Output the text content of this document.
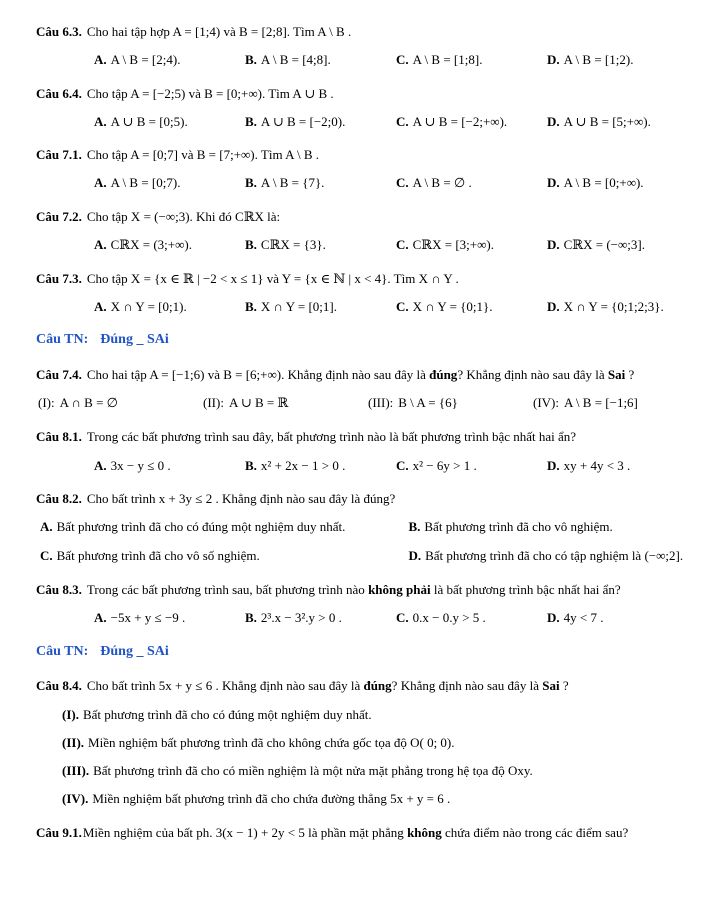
Câu 6.3. Cho hai tập hợp A = [1;4) và B = [2;8]. Tìm A \ B .

A. A \ B = [2;4).	B. A \ B = [4;8].	C. A \ B = [1;8].	D. A \ B = [1;2).

Câu 6.4. Cho tập A = [−2;5) và B = [0;+∞). Tìm A ∪ B .

A. A ∪ B = [0;5).	B. A ∪ B = [−2;0).	C. A ∪ B = [−2;+∞).	D. A ∪ B = [5;+∞).

Câu 7.1. Cho tập A = [0;7] và B = [7;+∞). Tìm A \ B .

A. A \ B = [0;7).	B. A \ B = {7}.	C. A \ B = ∅ .	D. A \ B = [0;+∞).

Câu 7.2. Cho tập X = (−∞;3). Khi đó CℝX là:

A. CℝX = (3;+∞).	B. CℝX = {3}.	C. CℝX = [3;+∞).	D. CℝX = (−∞;3].

Câu 7.3. Cho tập X = {x ∈ ℝ | −2 < x ≤ 1} và Y = {x ∈ ℕ | x < 4}. Tìm X ∩ Y .

A. X ∩ Y = [0;1).	B. X ∩ Y = [0;1].	C. X ∩ Y = {0;1}.	D. X ∩ Y = {0;1;2;3}.

Câu TN: Đúng _ SAi

Câu 7.4. Cho hai tập A = [−1;6) và B = [6;+∞). Khẳng định nào sau đây là đúng? Khẳng định nào sau đây là Sai ?

(I): A ∩ B = ∅	(II): A ∪ B = ℝ	(III): B \ A = {6}	(IV): A \ B = [−1;6]

Câu 8.1. Trong các bất phương trình sau đây, bất phương trình nào là bất phương trình bậc nhất hai ẩn?

A. 3x − y ≤ 0 .	B. x² + 2x − 1 > 0 .	C. x² − 6y > 1 .	D. xy + 4y < 3 .

Câu 8.2. Cho bất trình x + 3y ≤ 2 . Khẳng định nào sau đây là đúng?

A. Bất phương trình đã cho có đúng một nghiệm duy nhất.	B. Bất phương trình đã cho vô nghiệm.
C. Bất phương trình đã cho vô số nghiệm.	D. Bất phương trình đã cho có tập nghiệm là (−∞;2].

Câu 8.3. Trong các bất phương trình sau, bất phương trình nào không phải là bất phương trình bậc nhất hai ẩn?

A. −5x + y ≤ −9 .	B. 2³.x − 3².y > 0 .	C. 0.x − 0.y > 5 .	D. 4y < 7 .

Câu TN: Đúng _ SAi

Câu 8.4. Cho bất trình 5x + y ≤ 6 . Khẳng định nào sau đây là đúng? Khẳng định nào sau đây là Sai ?

(I). Bất phương trình đã cho có đúng một nghiệm duy nhất.

(II). Miền nghiệm bất phương trình đã cho không chứa gốc tọa độ O( 0; 0).

(III). Bất phương trình đã cho có miền nghiệm là một nửa mặt phẳng trong hệ tọa độ Oxy.

(IV). Miền nghiệm bất phương trình đã cho chứa đường thẳng 5x + y = 6 .

Câu 9.1.Miền nghiệm của bất ph. 3(x − 1) + 2y < 5 là phần mặt phẳng không chứa điểm nào trong các điểm sau?
